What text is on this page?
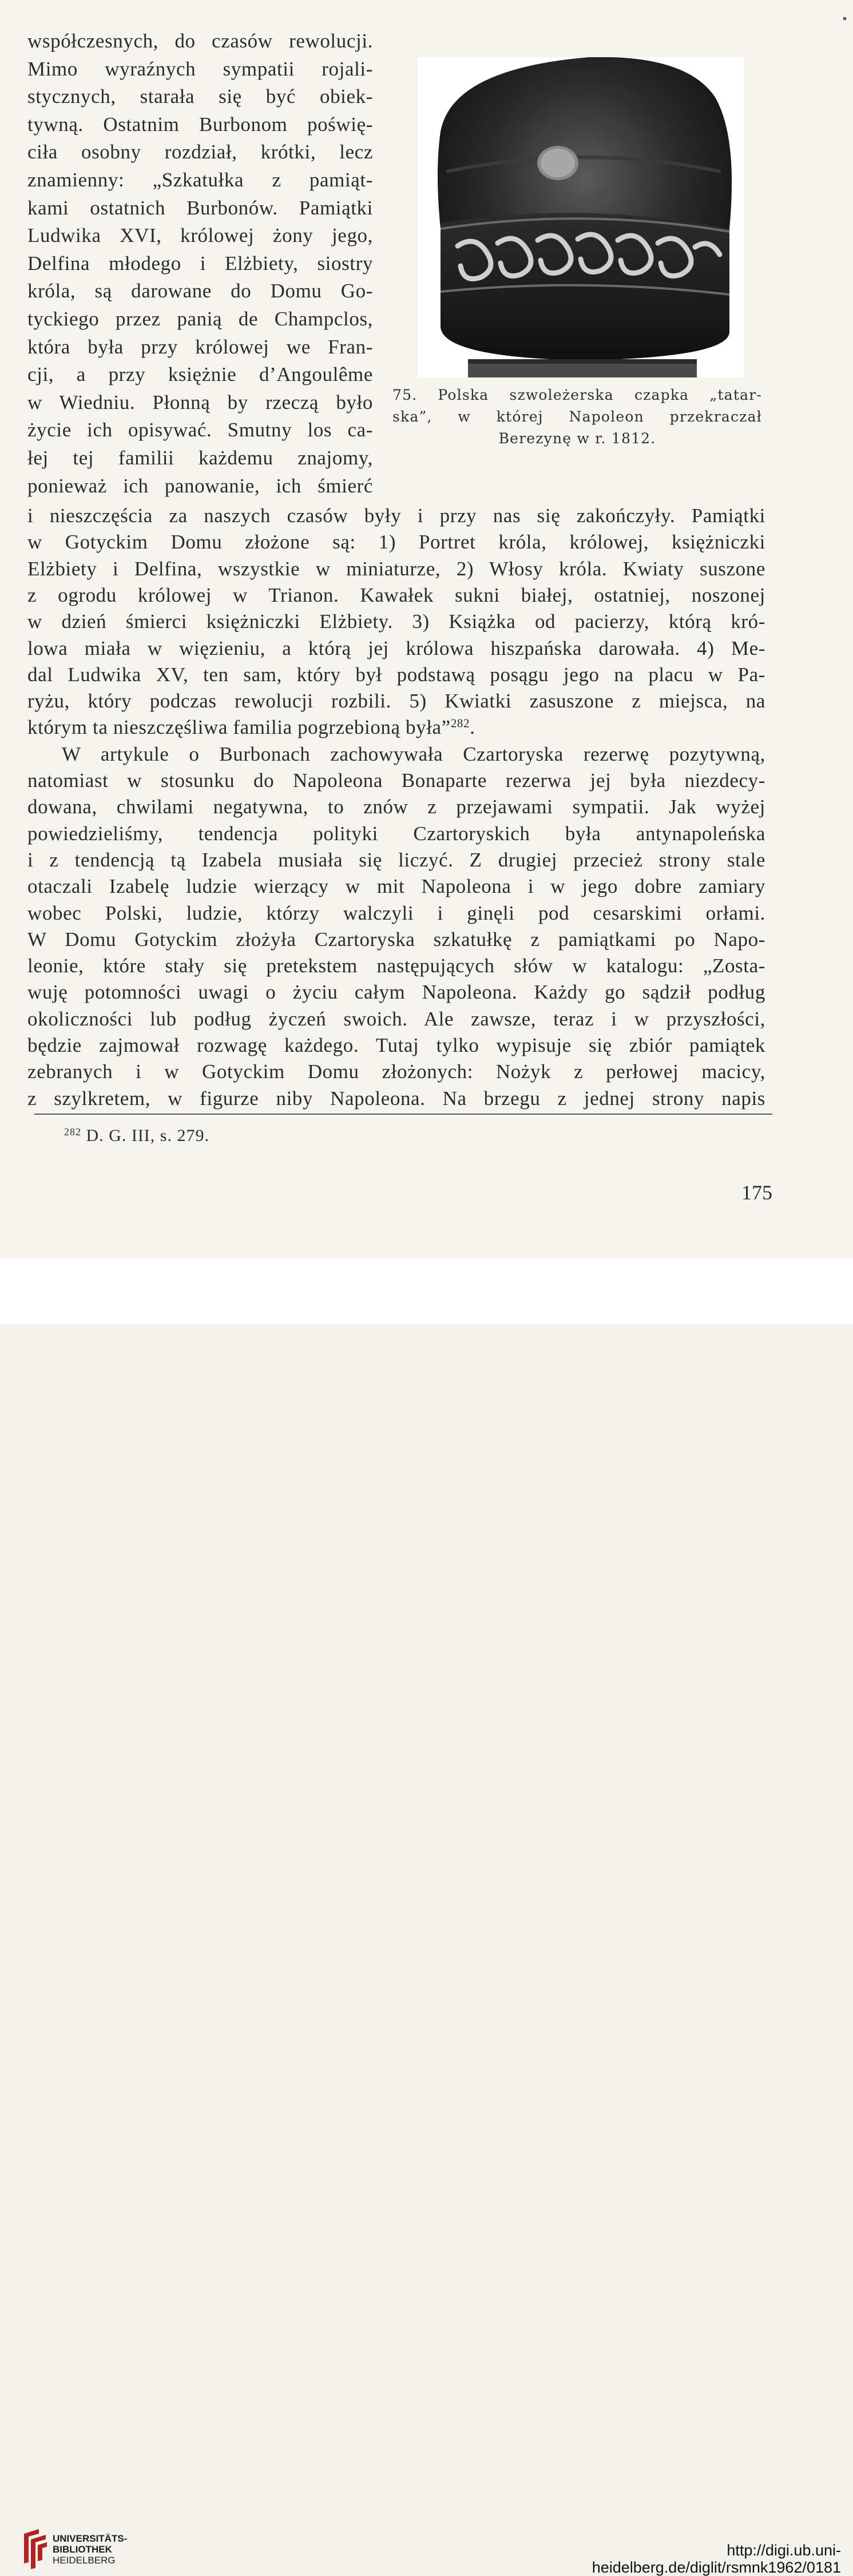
współczesnych, do czasów rewolucji.
Mimo wyraźnych sympatii rojali-
stycznych, starała się być obiek-
tywną. Ostatnim Burbonom poświę-
ciła osobny rozdział, krótki, lecz
znamienny: „Szkatułka z pamiąt-
kami ostatnich Burbonów. Pamiątki
Ludwika XVI, królowej żony jego,
Delfina młodego i Elżbiety, siostry
króla, są darowane do Domu Go-
tyckiego przez panią de Champclos,
która była przy królowej we Fran-
cji, a przy księżnie d’Angoulême
w Wiedniu. Płonną by rzeczą było
życie ich opisywać. Smutny los ca-
łej tej familii każdemu znajomy,
ponieważ ich panowanie, ich śmierć
75. Polska szwoleżerska czapka „tatar-
ska”, w której Napoleon przekraczał
Berezynę w r. 1812.
i nieszczęścia za naszych czasów były i przy nas się zakończyły. Pamiątki
w Gotyckim Domu złożone są: 1) Portret króla, królowej, księżniczki
Elżbiety i Delfina, wszystkie w miniaturze, 2) Włosy króla. Kwiaty suszone
z ogrodu królowej w Trianon. Kawałek sukni białej, ostatniej, noszonej
w dzień śmierci księżniczki Elżbiety. 3) Książka od pacierzy, którą kró-
lowa miała w więzieniu, a którą jej królowa hiszpańska darowała. 4) Me-
dal Ludwika XV, ten sam, który był podstawą posągu jego na placu w Pa-
ryżu, który podczas rewolucji rozbili. 5) Kwiatki zasuszone z miejsca, na
którym ta nieszczęśliwa familia pogrzebioną była”$^{282}$.
W artykule o Burbonach zachowywała Czartoryska rezerwę pozytywną,
natomiast w stosunku do Napoleona Bonaparte rezerwa jej była niezdecy-
dowana, chwilami negatywna, to znów z przejawami sympatii. Jak wyżej
powiedzieliśmy, tendencja polityki Czartoryskich była antynapoleńska
i z tendencją tą Izabela musiała się liczyć. Z drugiej przecież strony stale
otaczali Izabelę ludzie wierzący w mit Napoleona i w jego dobre zamiary
wobec Polski, ludzie, którzy walczyli i ginęli pod cesarskimi orłami.
W Domu Gotyckim złożyła Czartoryska szkatułkę z pamiątkami po Napo-
leonie, które stały się pretekstem następujących słów w katalogu: „Zosta-
wuję potomności uwagi o życiu całym Napoleona. Każdy go sądził podług
okoliczności lub podług życzeń swoich. Ale zawsze, teraz i w przyszłości,
będzie zajmował rozwagę każdego. Tutaj tylko wypisuje się zbiór pamiątek
zebranych i w Gotyckim Domu złożonych: Nożyk z perłowej macicy,
z szylkretem, w figurze niby Napoleona. Na brzegu z jednej strony napis
$^{282}$ D. G. III, s. 279.
175
UNIVERSITÄTS-
BIBLIOTHEK
HEIDELBERG
http://digi.ub.uni-heidelberg.de/diglit/rsmnk1962/0181
